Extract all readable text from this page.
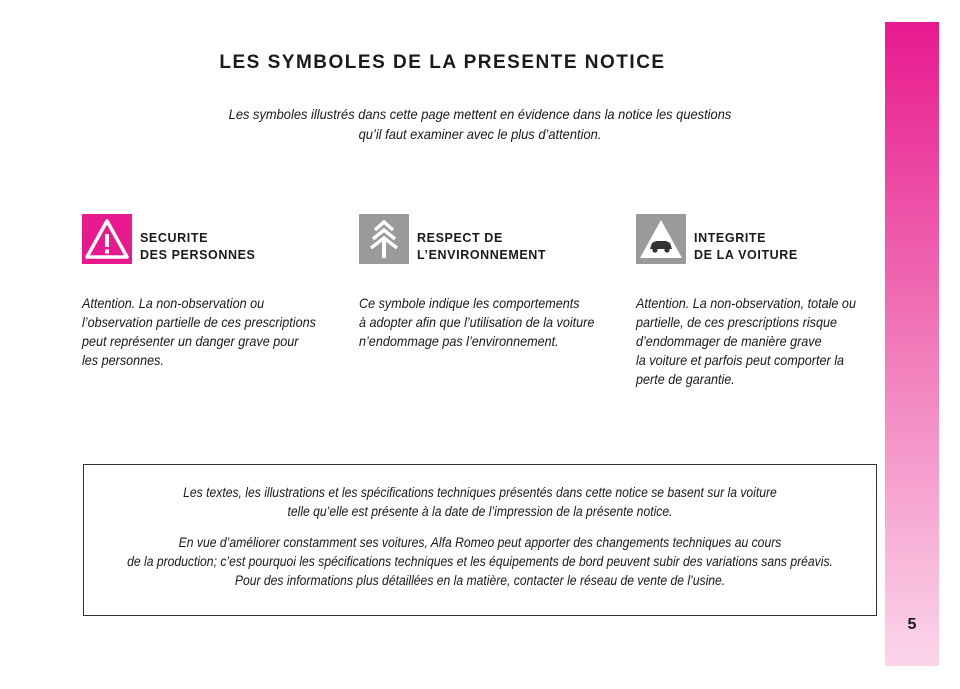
LES SYMBOLES DE LA PRESENTE NOTICE
Les symboles illustrés dans cette page mettent en évidence dans la notice les questions
qu’il faut examiner avec le plus d’attention.
SECURITE
DES PERSONNES
Attention. La non-observation ou
l’observation partielle de ces prescriptions
peut représenter un danger grave pour
les personnes.
RESPECT DE
L’ENVIRONNEMENT
Ce symbole indique les comportements
à adopter afin que l’utilisation de la voiture
n’endommage pas l’environnement.
INTEGRITE
DE LA VOITURE
Attention. La non-observation, totale ou
partielle, de ces prescriptions risque
d’endommager de manière grave
la voiture et parfois peut comporter la
perte de garantie.

Les textes, les illustrations et les spécifications techniques présentés dans cette notice se basent sur la voiture
telle qu’elle est présente à la date de l’impression de la présente notice.

En vue d’améliorer constamment ses voitures, Alfa Romeo peut apporter des changements techniques au cours
de la production; c’est pourquoi les spécifications techniques et les équipements de bord peuvent subir des variations sans préavis.
Pour des informations plus détaillées en la matière, contacter le réseau de vente de l’usine.

5
